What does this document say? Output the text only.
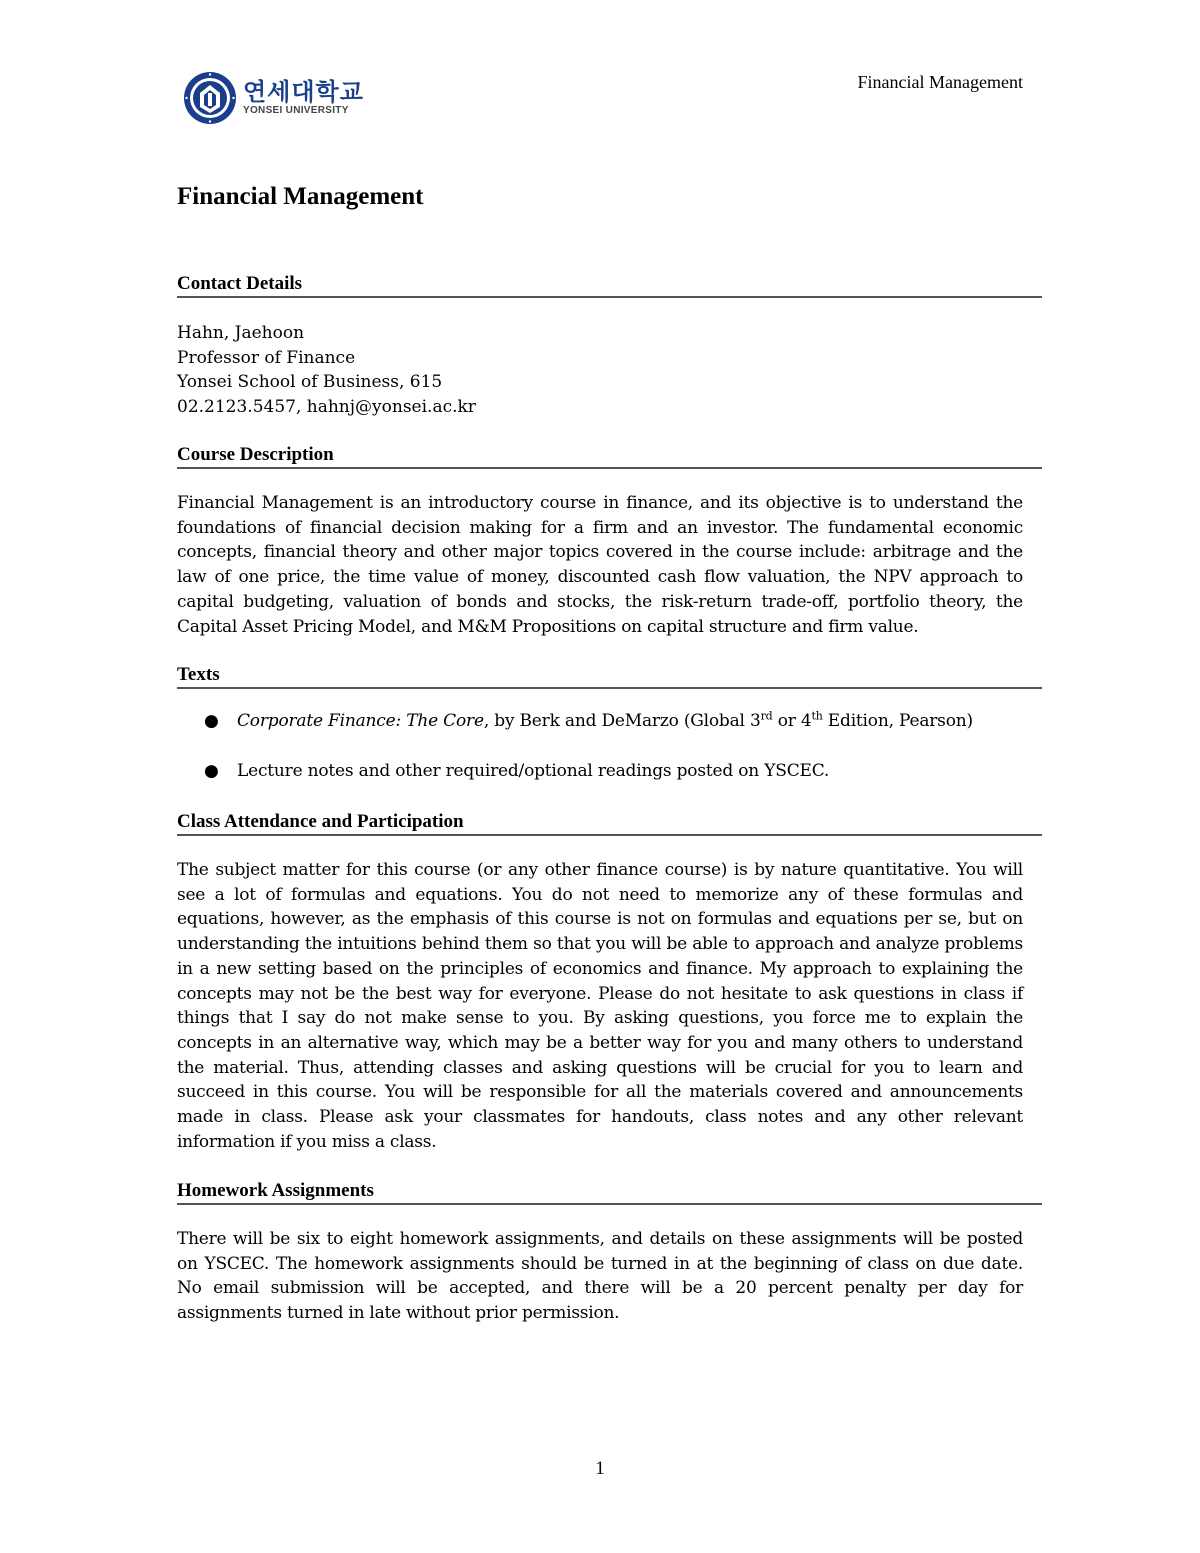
연세대학교
YONSEI UNIVERSITY
Financial Management
Financial Management
Contact Details
Hahn, Jaehoon
Professor of Finance
Yonsei School of Business, 615
02.2123.5457, hahnj@yonsei.ac.kr
Course Description
Financial Management is an introductory course in finance, and its objective is to understand the foundations of financial decision making for a firm and an investor. The fundamental economic concepts, financial theory and other major topics covered in the course include: arbitrage and the law of one price, the time value of money, discounted cash flow valuation, the NPV approach to capital budgeting, valuation of bonds and stocks, the risk-return trade-off, portfolio theory, the Capital Asset Pricing Model, and M&M Propositions on capital structure and firm value.
Texts
● Corporate Finance: The Core, by Berk and DeMarzo (Global 3rd or 4th Edition, Pearson)
● Lecture notes and other required/optional readings posted on YSCEC.
Class Attendance and Participation
The subject matter for this course (or any other finance course) is by nature quantitative. You will see a lot of formulas and equations. You do not need to memorize any of these formulas and equations, however, as the emphasis of this course is not on formulas and equations per se, but on understanding the intuitions behind them so that you will be able to approach and analyze problems in a new setting based on the principles of economics and finance. My approach to explaining the concepts may not be the best way for everyone. Please do not hesitate to ask questions in class if things that I say do not make sense to you. By asking questions, you force me to explain the concepts in an alternative way, which may be a better way for you and many others to understand the material. Thus, attending classes and asking questions will be crucial for you to learn and succeed in this course. You will be responsible for all the materials covered and announcements made in class. Please ask your classmates for handouts, class notes and any other relevant information if you miss a class.
Homework Assignments
There will be six to eight homework assignments, and details on these assignments will be posted on YSCEC. The homework assignments should be turned in at the beginning of class on due date. No email submission will be accepted, and there will be a 20 percent penalty per day for assignments turned in late without prior permission.
1
